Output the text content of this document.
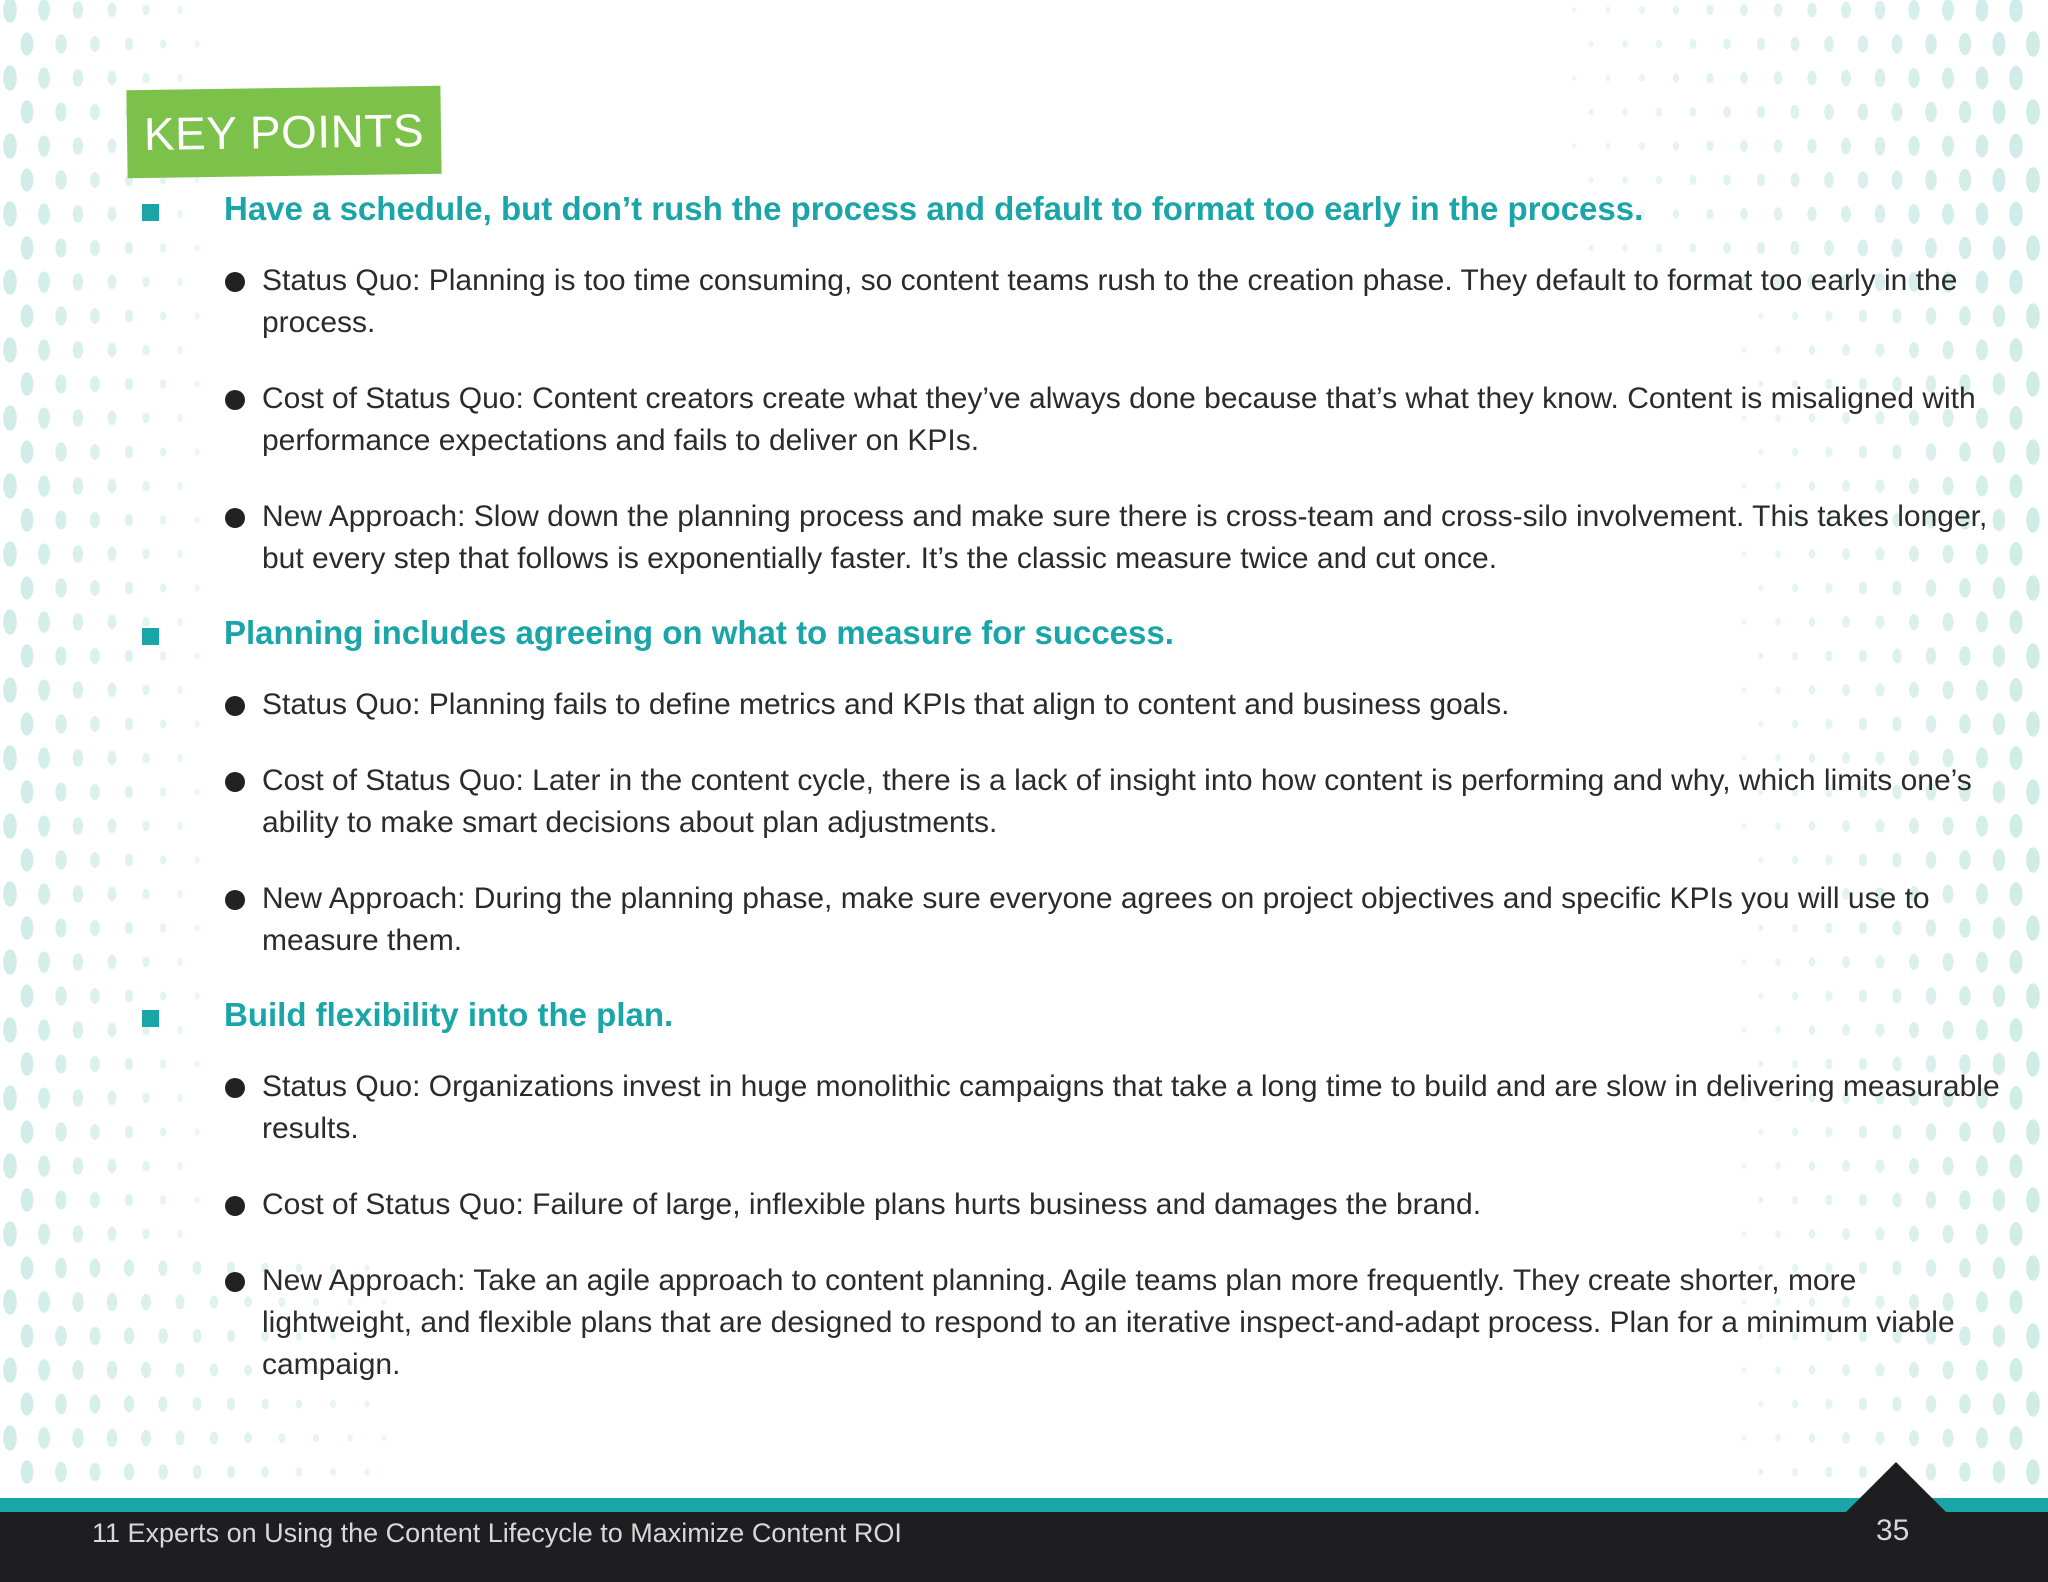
KEY POINTS
Have a schedule, but don’t rush the process and default to format too early in the process.
Status Quo: Planning is too time consuming, so content teams rush to the creation phase. They default to format too early in the process.
Cost of Status Quo: Content creators create what they’ve always done because that’s what they know. Content is misaligned with performance expectations and fails to deliver on KPIs.
New Approach: Slow down the planning process and make sure there is cross-team and cross-silo involvement. This takes longer, but every step that follows is exponentially faster. It’s the classic measure twice and cut once.
Planning includes agreeing on what to measure for success.
Status Quo: Planning fails to define metrics and KPIs that align to content and business goals.
Cost of Status Quo: Later in the content cycle, there is a lack of insight into how content is performing and why, which limits one’s ability to make smart decisions about plan adjustments.
New Approach: During the planning phase, make sure everyone agrees on project objectives and specific KPIs you will use to measure them.
Build flexibility into the plan.
Status Quo: Organizations invest in huge monolithic campaigns that take a long time to build and are slow in delivering measurable results.
Cost of Status Quo: Failure of large, inflexible plans hurts business and damages the brand.
New Approach: Take an agile approach to content planning. Agile teams plan more frequently. They create shorter, more lightweight, and flexible plans that are designed to respond to an iterative inspect-and-adapt process. Plan for a minimum viable campaign.
11 Experts on Using the Content Lifecycle to Maximize Content ROI	35
